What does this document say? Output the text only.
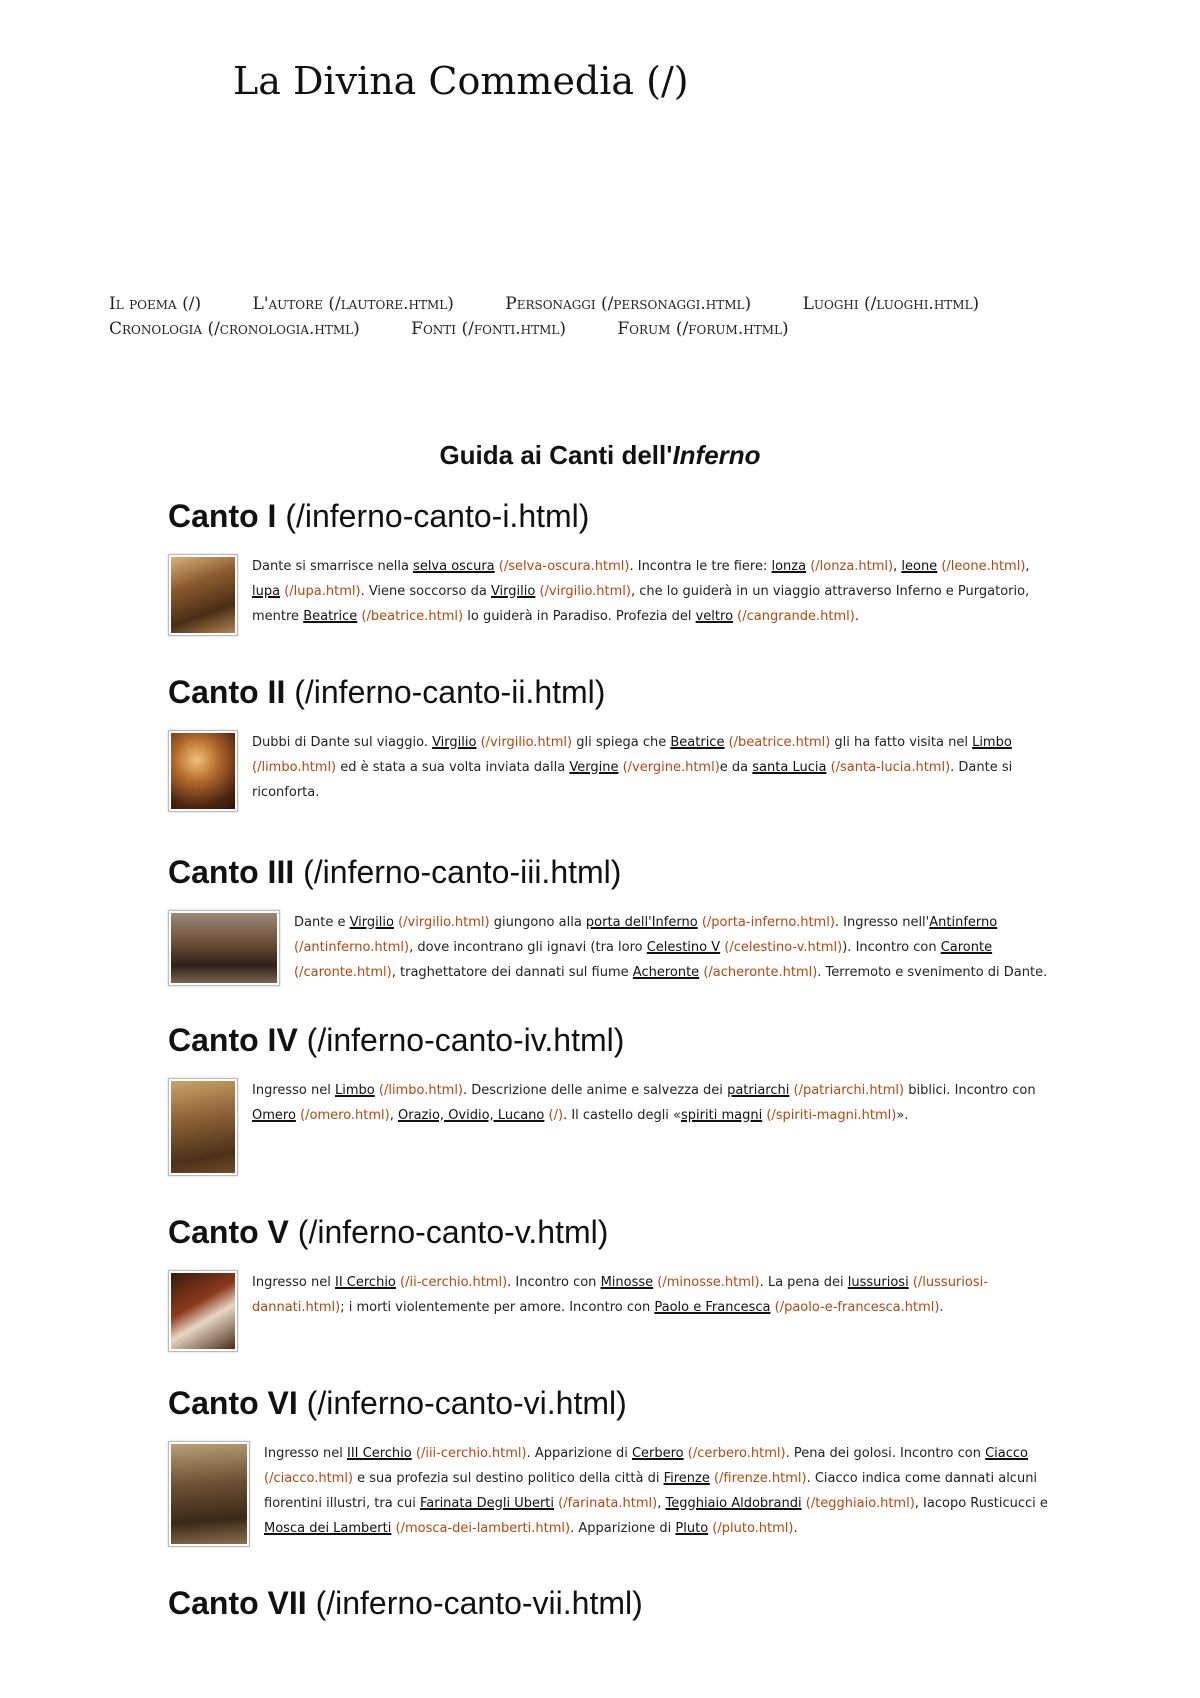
La Divina Commedia (/)
Il poema (/)	L'autore (/lautore.html)	Personaggi (/personaggi.html)	Luoghi (/luoghi.html)
Cronologia (/cronologia.html)	Fonti (/fonti.html)	Forum (/forum.html)
Guida ai Canti dell'Inferno
Canto I (/inferno-canto-i.html)

Dante si smarrisce nella selva oscura (/selva-oscura.html). Incontra le tre fiere: lonza (/lonza.html), leone (/leone.html), lupa (/lupa.html). Viene soccorso da Virgilio (/virgilio.html), che lo guiderà in un viaggio attraverso Inferno e Purgatorio, mentre Beatrice (/beatrice.html) lo guiderà in Paradiso. Profezia del veltro (/cangrande.html).

Canto II (/inferno-canto-ii.html)

Dubbi di Dante sul viaggio. Virgilio (/virgilio.html) gli spiega che Beatrice (/beatrice.html) gli ha fatto visita nel Limbo (/limbo.html) ed è stata a sua volta inviata dalla Vergine (/vergine.html)e da santa Lucia (/santa-lucia.html). Dante si riconforta.

Canto III (/inferno-canto-iii.html)

Dante e Virgilio (/virgilio.html) giungono alla porta dell'Inferno (/porta-inferno.html). Ingresso nell'Antinferno (/antinferno.html), dove incontrano gli ignavi (tra loro Celestino V (/celestino-v.html)). Incontro con Caronte (/caronte.html), traghettatore dei dannati sul fiume Acheronte (/acheronte.html). Terremoto e svenimento di Dante.

Canto IV (/inferno-canto-iv.html)

Ingresso nel Limbo (/limbo.html). Descrizione delle anime e salvezza dei patriarchi (/patriarchi.html) biblici. Incontro con Omero (/omero.html), Orazio, Ovidio, Lucano (/). Il castello degli «spiriti magni (/spiriti-magni.html)».

Canto V (/inferno-canto-v.html)

Ingresso nel II Cerchio (/ii-cerchio.html). Incontro con Minosse (/minosse.html). La pena dei lussuriosi (/lussuriosi-dannati.html); i morti violentemente per amore. Incontro con Paolo e Francesca (/paolo-e-francesca.html).

Canto VI (/inferno-canto-vi.html)

Ingresso nel III Cerchio (/iii-cerchio.html). Apparizione di Cerbero (/cerbero.html). Pena dei golosi. Incontro con Ciacco (/ciacco.html) e sua profezia sul destino politico della città di Firenze (/firenze.html). Ciacco indica come dannati alcuni fiorentini illustri, tra cui Farinata Degli Uberti (/farinata.html), Tegghiaio Aldobrandi (/tegghiaio.html), Iacopo Rusticucci e Mosca dei Lamberti (/mosca-dei-lamberti.html). Apparizione di Pluto (/pluto.html).

Canto VII (/inferno-canto-vii.html)
